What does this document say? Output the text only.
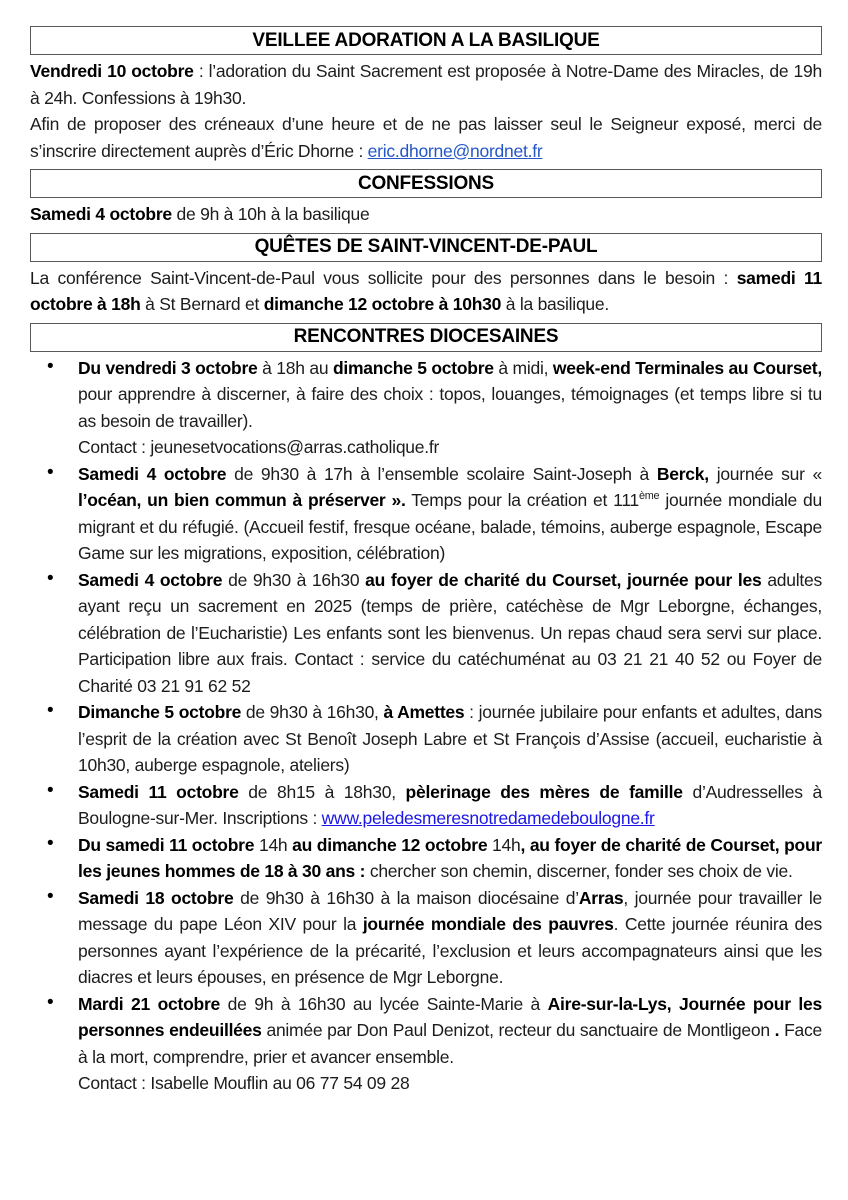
VEILLEE ADORATION A LA BASILIQUE

Vendredi 10 octobre : l’adoration du Saint Sacrement est proposée à Notre-Dame des Miracles, de 19h à 24h. Confessions à 19h30.

Afin de proposer des créneaux d’une heure et de ne pas laisser seul le Seigneur exposé, merci de s’inscrire directement auprès d’Éric Dhorne : eric.dhorne@nordnet.fr

CONFESSIONS

Samedi 4 octobre de 9h à 10h à la basilique

QUÊTES DE SAINT-VINCENT-DE-PAUL

La conférence Saint-Vincent-de-Paul vous sollicite pour des personnes dans le besoin : samedi 11 octobre à 18h à St Bernard et dimanche 12 octobre à 10h30 à la basilique.

RENCONTRES DIOCESAINES
• Du vendredi 3 octobre à 18h au dimanche 5 octobre à midi, week-end Terminales au Courset, pour apprendre à discerner, à faire des choix : topos, louanges, témoignages (et temps libre si tu as besoin de travailler).
Contact : jeunesetvocations@arras.catholique.fr
• Samedi 4 octobre de 9h30 à 17h à l’ensemble scolaire Saint-Joseph à Berck, journée sur « l’océan, un bien commun à préserver ». Temps pour la création et 111ème journée mondiale du migrant et du réfugié. (Accueil festif, fresque océane, balade, témoins, auberge espagnole, Escape Game sur les migrations, exposition, célébration)
• Samedi 4 octobre de 9h30 à 16h30 au foyer de charité du Courset, journée pour les adultes ayant reçu un sacrement en 2025 (temps de prière, catéchèse de Mgr Leborgne, échanges, célébration de l’Eucharistie) Les enfants sont les bienvenus. Un repas chaud sera servi sur place. Participation libre aux frais. Contact : service du catéchuménat au 03 21 21 40 52 ou Foyer de Charité 03 21 91 62 52
• Dimanche 5 octobre de 9h30 à 16h30, à Amettes : journée jubilaire pour enfants et adultes, dans l’esprit de la création avec St Benoît Joseph Labre et St François d’Assise (accueil, eucharistie à 10h30, auberge espagnole, ateliers)
• Samedi 11 octobre de 8h15 à 18h30, pèlerinage des mères de famille d’Audresselles à Boulogne-sur-Mer. Inscriptions : www.peledesmeresnotredamedeboulogne.fr
• Du samedi 11 octobre 14h au dimanche 12 octobre 14h, au foyer de charité de Courset, pour les jeunes hommes de 18 à 30 ans : chercher son chemin, discerner, fonder ses choix de vie.
• Samedi 18 octobre de 9h30 à 16h30 à la maison diocésaine d’Arras, journée pour travailler le message du pape Léon XIV pour la journée mondiale des pauvres. Cette journée réunira des personnes ayant l’expérience de la précarité, l’exclusion et leurs accompagnateurs ainsi que les diacres et leurs épouses, en présence de Mgr Leborgne.
• Mardi 21 octobre de 9h à 16h30 au lycée Sainte-Marie à Aire-sur-la-Lys, Journée pour les personnes endeuillées animée par Don Paul Denizot, recteur du sanctuaire de Montligeon . Face à la mort, comprendre, prier et avancer ensemble.
Contact : Isabelle Mouflin au 06 77 54 09 28
